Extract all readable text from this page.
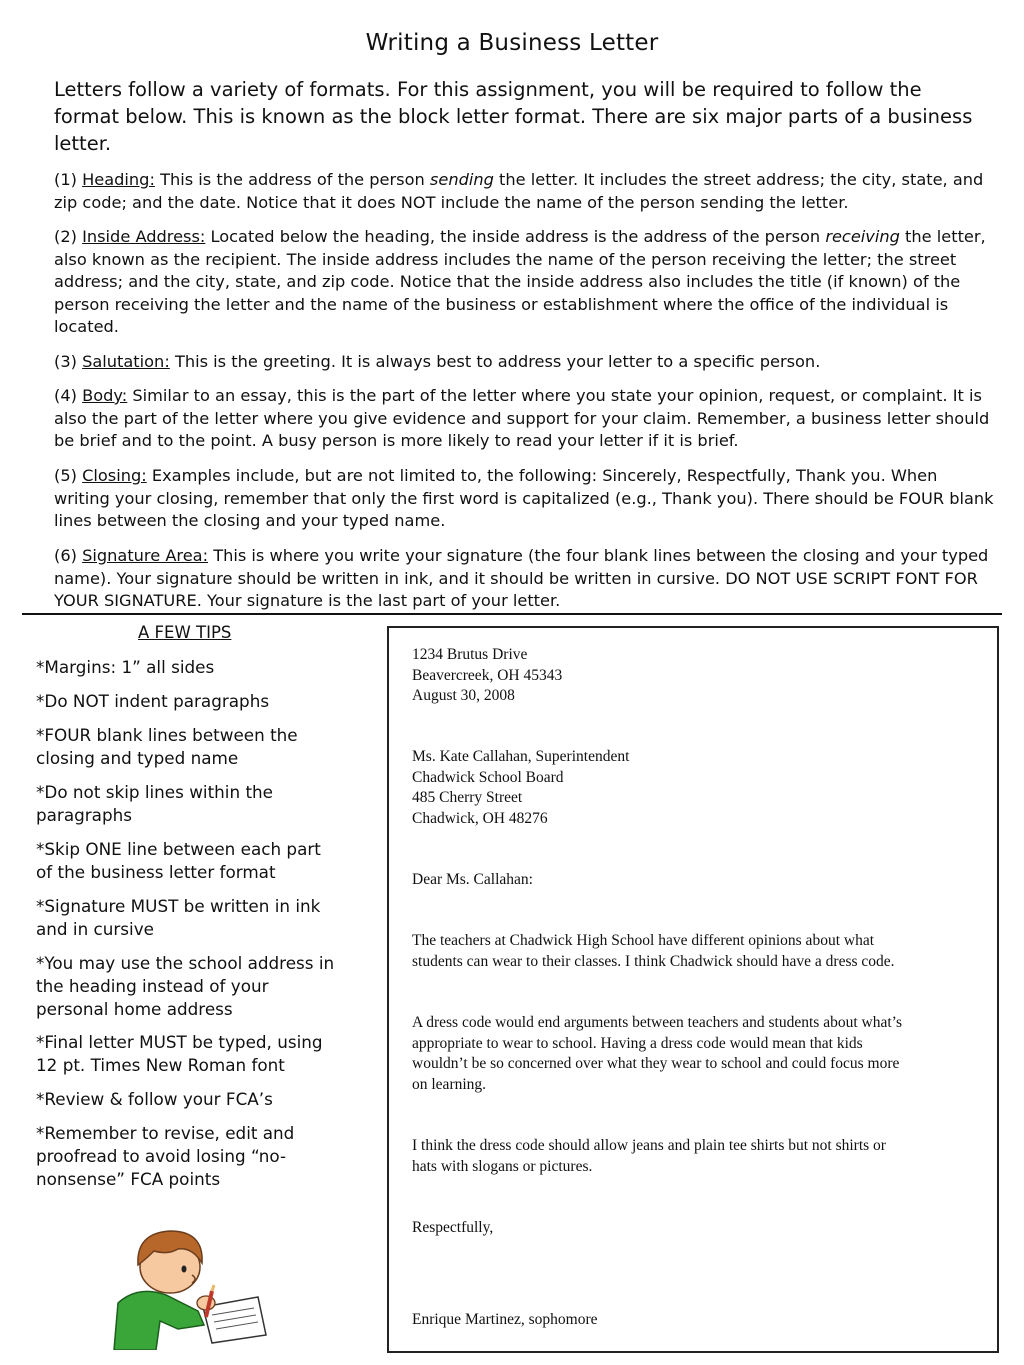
Writing a Business Letter
Letters follow a variety of formats. For this assignment, you will be required to follow the format below. This is known as the block letter format. There are six major parts of a business letter.
(1) Heading: This is the address of the person sending the letter. It includes the street address; the city, state, and zip code; and the date. Notice that it does NOT include the name of the person sending the letter.
(2) Inside Address: Located below the heading, the inside address is the address of the person receiving the letter, also known as the recipient. The inside address includes the name of the person receiving the letter; the street address; and the city, state, and zip code. Notice that the inside address also includes the title (if known) of the person receiving the letter and the name of the business or establishment where the office of the individual is located.
(3) Salutation: This is the greeting. It is always best to address your letter to a specific person.
(4) Body: Similar to an essay, this is the part of the letter where you state your opinion, request, or complaint. It is also the part of the letter where you give evidence and support for your claim. Remember, a business letter should be brief and to the point. A busy person is more likely to read your letter if it is brief.
(5) Closing: Examples include, but are not limited to, the following: Sincerely, Respectfully, Thank you. When writing your closing, remember that only the first word is capitalized (e.g., Thank you). There should be FOUR blank lines between the closing and your typed name.
(6) Signature Area: This is where you write your signature (the four blank lines between the closing and your typed name). Your signature should be written in ink, and it should be written in cursive. DO NOT USE SCRIPT FONT FOR YOUR SIGNATURE. Your signature is the last part of your letter.
A FEW TIPS
*Margins: 1” all sides
*Do NOT indent paragraphs
*FOUR blank lines between the closing and typed name
*Do not skip lines within the paragraphs
*Skip ONE line between each part of the business letter format
*Signature MUST be written in ink and in cursive
*You may use the school address in the heading instead of your personal home address
*Final letter MUST be typed, using 12 pt. Times New Roman font
*Review & follow your FCA’s
*Remember to revise, edit and proofread to avoid losing “no-nonsense” FCA points
1234 Brutus Drive
Beavercreek, OH 45343
August 30, 2008
Ms. Kate Callahan, Superintendent
Chadwick School Board
485 Cherry Street
Chadwick, OH 48276
Dear Ms. Callahan:
The teachers at Chadwick High School have different opinions about what
students can wear to their classes. I think Chadwick should have a dress code.
A dress code would end arguments between teachers and students about what’s
appropriate to wear to school. Having a dress code would mean that kids
wouldn’t be so concerned over what they wear to school and could focus more
on learning.
I think the dress code should allow jeans and plain tee shirts but not shirts or
hats with slogans or pictures.
Respectfully,
Enrique Martinez, sophomore
